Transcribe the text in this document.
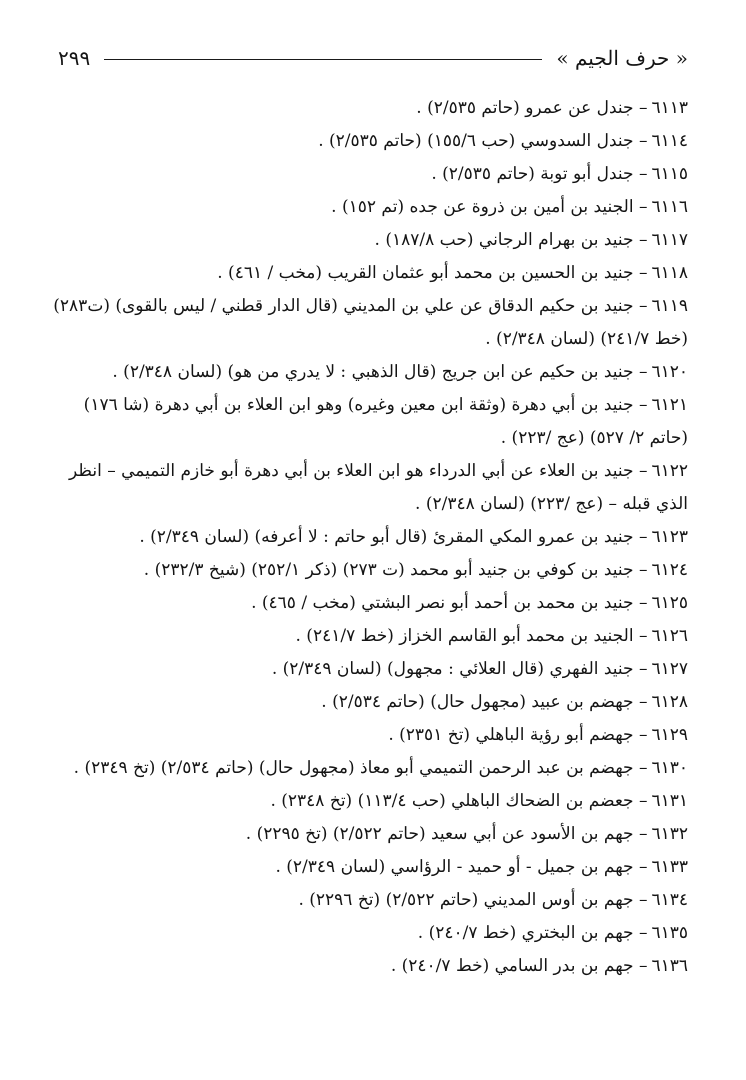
« حرف الجيم »
٢٩٩

٦١١٣– جندل عن عمرو (حاتم ٢/٥٣٥) .

٦١١٤– جندل السدوسي (حب ١٥٥/٦) (حاتم ٢/٥٣٥) .

٦١١٥– جندل أبو توبة (حاتم ٢/٥٣٥) .

٦١١٦– الجنيد بن أمين بن ذروة عن جده (تم ١٥٢) .

٦١١٧– جنيد بن بهرام الرجاني (حب ١٨٧/٨) .

٦١١٨– جنيد بن الحسين بن محمد أبو عثمان القريب (مخب / ٤٦١) .

٦١١٩– جنيد بن حكيم الدقاق عن علي بن المديني (قال الدار قطني / ليس بالقوى) (ت٢٨٣) (خط ٢٤١/٧) (لسان ٢/٣٤٨) .

٦١٢٠– جنيد بن حكيم عن ابن جريج (قال الذهبي : لا يدري من هو) (لسان ٢/٣٤٨) .

٦١٢١– جنيد بن أبي دهرة (وثقة ابن معين وغيره) وهو ابن العلاء بن أبي دهرة (شا ١٧٦) (حاتم ٢/ ٥٢٧) (عج /٢٢٣) .

٦١٢٢– جنيد بن العلاء عن أبي الدرداء هو ابن العلاء بن أبي دهرة أبو خازم التميمي – انظر الذي قبله – (عج /٢٢٣) (لسان ٢/٣٤٨) .

٦١٢٣– جنيد بن عمرو المكي المقرئ (قال أبو حاتم : لا أعرفه) (لسان ٢/٣٤٩) .

٦١٢٤– جنيد بن كوفي بن جنيد أبو محمد (ت ٢٧٣) (ذكر ٢٥٢/١) (شيخ ٢٣٢/٣) .

٦١٢٥– جنيد بن محمد بن أحمد أبو نصر البشتي (مخب / ٤٦٥) .

٦١٢٦– الجنيد بن محمد أبو القاسم الخزاز (خط ٢٤١/٧) .

٦١٢٧– جنيد الفهري (قال العلائي : مجهول) (لسان ٢/٣٤٩) .

٦١٢٨– جهضم بن عبيد (مجهول حال) (حاتم ٢/٥٣٤) .

٦١٢٩– جهضم أبو رؤية الباهلي (تخ ٢٣٥١) .

٦١٣٠– جهضم بن عبد الرحمن التميمي أبو معاذ (مجهول حال) (حاتم ٢/٥٣٤) (تخ ٢٣٤٩) .

٦١٣١– جعضم بن الضحاك الباهلي (حب ١١٣/٤) (تخ ٢٣٤٨) .

٦١٣٢– جهم بن الأسود عن أبي سعيد (حاتم ٢/٥٢٢) (تخ ٢٢٩٥) .

٦١٣٣– جهم بن جميل - أو حميد - الرؤاسي (لسان ٢/٣٤٩) .

٦١٣٤– جهم بن أوس المديني (حاتم ٢/٥٢٢) (تخ ٢٢٩٦) .

٦١٣٥– جهم بن البختري (خط ٢٤٠/٧) .

٦١٣٦– جهم بن بدر السامي (خط ٢٤٠/٧) .
